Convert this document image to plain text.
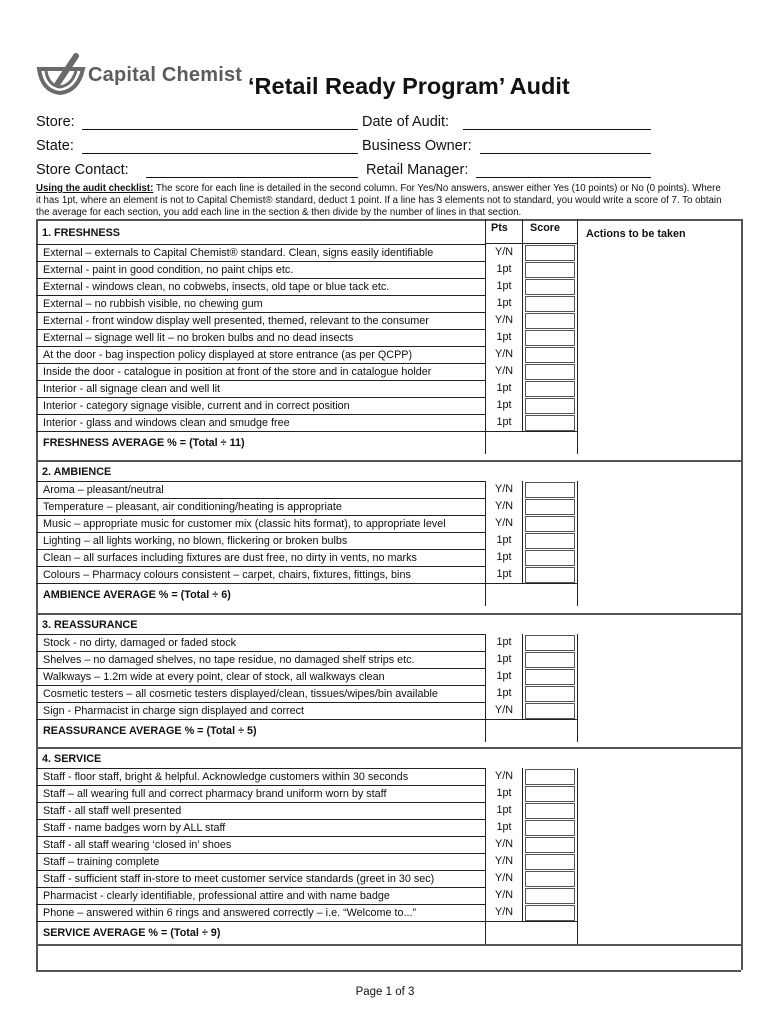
Capital Chemist ‘Retail Ready Program’ Audit
Store:	Date of Audit:
State:	Business Owner:
Store Contact:	Retail Manager:
Using the audit checklist: The score for each line is detailed in the second column. For Yes/No answers, answer either Yes (10 points) or No (0 points). Where it has 1pt, where an element is not to Capital Chemist® standard, deduct 1 point. If a line has 3 elements not to standard, you would write a score of 7. To obtain the average for each section, you add each line in the section & then divide by the number of lines in that section.
Pts Score Actions to be taken
1. FRESHNESS
External – externals to Capital Chemist® standard. Clean, signs easily identifiable	Y/N
External - paint in good condition, no paint chips etc.	1pt
External - windows clean, no cobwebs, insects, old tape or blue tack etc.	1pt
External – no rubbish visible, no chewing gum	1pt
External - front window display well presented, themed, relevant to the consumer	Y/N
External – signage well lit – no broken bulbs and no dead insects	1pt
At the door - bag inspection policy displayed at store entrance (as per QCPP)	Y/N
Inside the door - catalogue in position at front of the store and in catalogue holder	Y/N
Interior - all signage clean and well lit	1pt
Interior - category signage visible, current and in correct position	1pt
Interior - glass and windows clean and smudge free	1pt
FRESHNESS AVERAGE % = (Total ÷ 11)
2. AMBIENCE
Aroma – pleasant/neutral	Y/N
Temperature – pleasant, air conditioning/heating is appropriate	Y/N
Music – appropriate music for customer mix (classic hits format), to appropriate level	Y/N
Lighting – all lights working, no blown, flickering or broken bulbs	1pt
Clean – all surfaces including fixtures are dust free, no dirty in vents, no marks	1pt
Colours – Pharmacy colours consistent – carpet, chairs, fixtures, fittings, bins	1pt
AMBIENCE AVERAGE % = (Total ÷ 6)
3. REASSURANCE
Stock - no dirty, damaged or faded stock	1pt
Shelves – no damaged shelves, no tape residue, no damaged shelf strips etc.	1pt
Walkways – 1.2m wide at every point, clear of stock, all walkways clean	1pt
Cosmetic testers – all cosmetic testers displayed/clean, tissues/wipes/bin available	1pt
Sign - Pharmacist in charge sign displayed and correct	Y/N
REASSURANCE AVERAGE % = (Total ÷ 5)
4. SERVICE
Staff - floor staff, bright & helpful. Acknowledge customers within 30 seconds	Y/N
Staff – all wearing full and correct pharmacy brand uniform worn by staff	1pt
Staff - all staff well presented	1pt
Staff - name badges worn by ALL staff	1pt
Staff - all staff wearing ‘closed in’ shoes	Y/N
Staff – training complete	Y/N
Staff - sufficient staff in-store to meet customer service standards (greet in 30 sec)	Y/N
Pharmacist - clearly identifiable, professional attire and with name badge	Y/N
Phone – answered within 6 rings and answered correctly – i.e. “Welcome to...”	Y/N
SERVICE AVERAGE % = (Total ÷ 9)
Page 1 of 3
